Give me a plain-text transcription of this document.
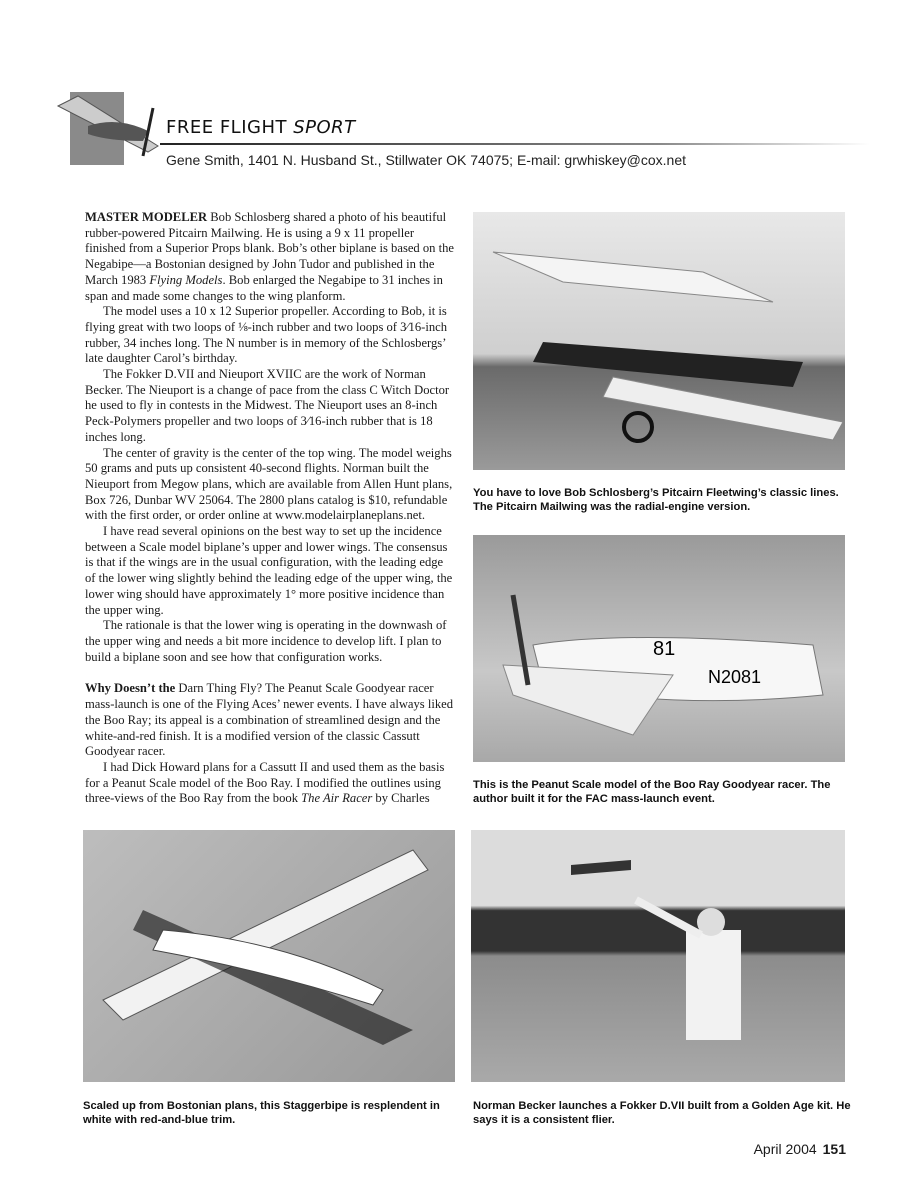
FREE FLIGHT SPORT
Gene Smith, 1401 N. Husband St., Stillwater OK 74075; E-mail: grwhiskey@cox.net

MASTER MODELER Bob Schlosberg shared a photo of his beautiful rubber-powered Pitcairn Mailwing. He is using a 9 x 11 propeller finished from a Superior Props blank. Bob’s other biplane is based on the Negabipe—a Bostonian designed by John Tudor and published in the March 1983 Flying Models. Bob enlarged the Negabipe to 31 inches in span and made some changes to the wing planform.

The model uses a 10 x 12 Superior propeller. According to Bob, it is flying great with two loops of ⅛-inch rubber and two loops of 3⁄16-inch rubber, 34 inches long. The N number is in memory of the Schlosbergs’ late daughter Carol’s birthday.

The Fokker D.VII and Nieuport XVIIC are the work of Norman Becker. The Nieuport is a change of pace from the class C Witch Doctor he used to fly in contests in the Midwest. The Nieuport uses an 8-inch Peck-Polymers propeller and two loops of 3⁄16-inch rubber that is 18 inches long.

The center of gravity is the center of the top wing. The model weighs 50 grams and puts up consistent 40-second flights. Norman built the Nieuport from Megow plans, which are available from Allen Hunt plans, Box 726, Dunbar WV 25064. The 2800 plans catalog is $10, refundable with the first order, or order online at www.modelairplaneplans.net.

I have read several opinions on the best way to set up the incidence between a Scale model biplane’s upper and lower wings. The consensus is that if the wings are in the usual configuration, with the leading edge of the lower wing slightly behind the leading edge of the upper wing, the lower wing should have approximately 1° more positive incidence than the upper wing.

The rationale is that the lower wing is operating in the downwash of the upper wing and needs a bit more incidence to develop lift. I plan to build a biplane soon and see how that configuration works.

Why Doesn’t the Darn Thing Fly? The Peanut Scale Goodyear racer mass-launch is one of the Flying Aces’ newer events. I have always liked the Boo Ray; its appeal is a combination of streamlined design and the white-and-red finish. It is a modified version of the classic Cassutt Goodyear racer.

I had Dick Howard plans for a Cassutt II and used them as the basis for a Peanut Scale model of the Boo Ray. I modified the outlines using three-views of the Boo Ray from the book The Air Racer by Charles

You have to love Bob Schlosberg’s Pitcairn Fleetwing’s classic lines. The Pitcairn Mailwing was the radial-engine version.
81
N2081
This is the Peanut Scale model of the Boo Ray Goodyear racer. The author built it for the FAC mass-launch event.
Scaled up from Bostonian plans, this Staggerbipe is resplendent in white with red-and-blue trim.
Norman Becker launches a Fokker D.VII built from a Golden Age kit. He says it is a consistent flier.
April 2004 151
